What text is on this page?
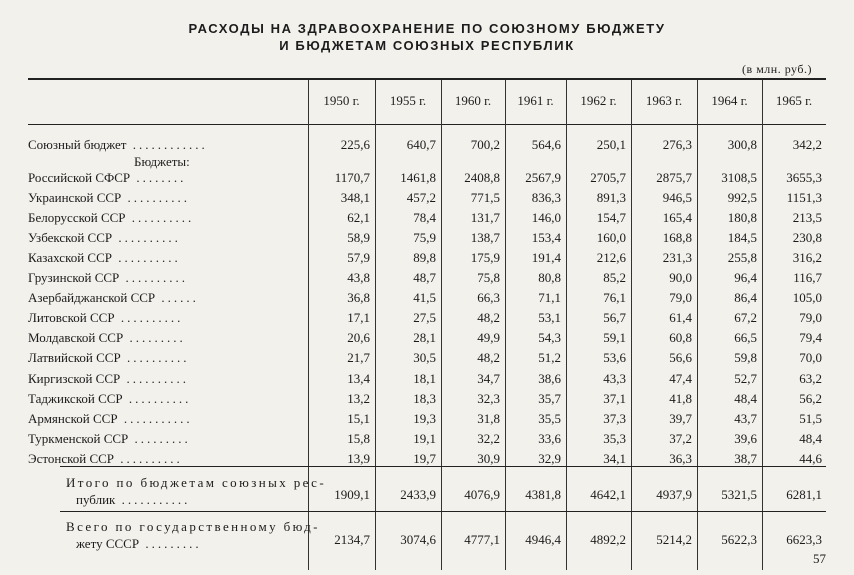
РАСХОДЫ НА ЗДРАВООХРАНЕНИЕ ПО СОЮЗНОМУ БЮДЖЕТУ
И БЮДЖЕТАМ СОЮЗНЫХ РЕСПУБЛИК
(в млн. руб.)
1950 г.	1955 г.	1960 г.	1961 г.	1962 г.	1963 г.	1964 г.	1965 г.
Союзный бюджет ............	225,6	640,7	700,2 564,6	250,1	276,3	300,8	342,2
Бюджеты:
Российской СФСР ........	1170,7 1461,8 2408,8 2567,9 2705,7 2875,7 3108,5 3655,3
Украинской ССР ..........	348,1	457,2	771,5 836,3	891,3	946,5	992,5 1151,3
Белорусской ССР ..........	62,1	78,4	131,7 146,0	154,7	165,4	180,8	213,5
Узбекской ССР ..........	58,9	75,9	138,7 153,4	160,0	168,8	184,5	230,8
Казахской ССР ..........	57,9	89,8	175,9 191,4	212,6	231,3	255,8	316,2
Грузинской ССР ..........	43,8	48,7	75,8	80,8	85,2	90,0	96,4	116,7
Азербайджанской ССР ......	36,8	41,5	66,3	71,1	76,1	79,0	86,4	105,0
Литовской ССР ..........	17,1	27,5	48,2	53,1	56,7	61,4	67,2	79,0
Молдавской ССР .........	20,6	28,1	49,9	54,3	59,1	60,8	66,5	79,4
Латвийской ССР ..........	21,7	30,5	48,2	51,2	53,6	56,6	59,8	70,0
Киргизской ССР ..........	13,4	18,1	34,7	38,6	43,3	47,4	52,7	63,2
Таджикской ССР ..........	13,2	18,3	32,3	35,7	37,1	41,8	48,4	56,2
Армянской ССР ...........	15,1	19,3	31,8	35,5	37,3	39,7	43,7	51,5
Туркменской ССР .........	15,8	19,1	32,2	33,6	35,3	37,2	39,6	48,4
Эстонской ССР ..........	13,9	19,7	30,9	32,9	34,1	36,3	38,7	44,6
Итого по бюджетам союзных рес-
публик ...........	1909,1 2433,9 4076,9 4381,8 4642,1 4937,9 5321,5 6281,1
Всего по государственному бюд-
жету СССР .........	2134,7 3074,6 4777,1 4946,4 4892,2 5214,2 5622,3 6623,3
57
